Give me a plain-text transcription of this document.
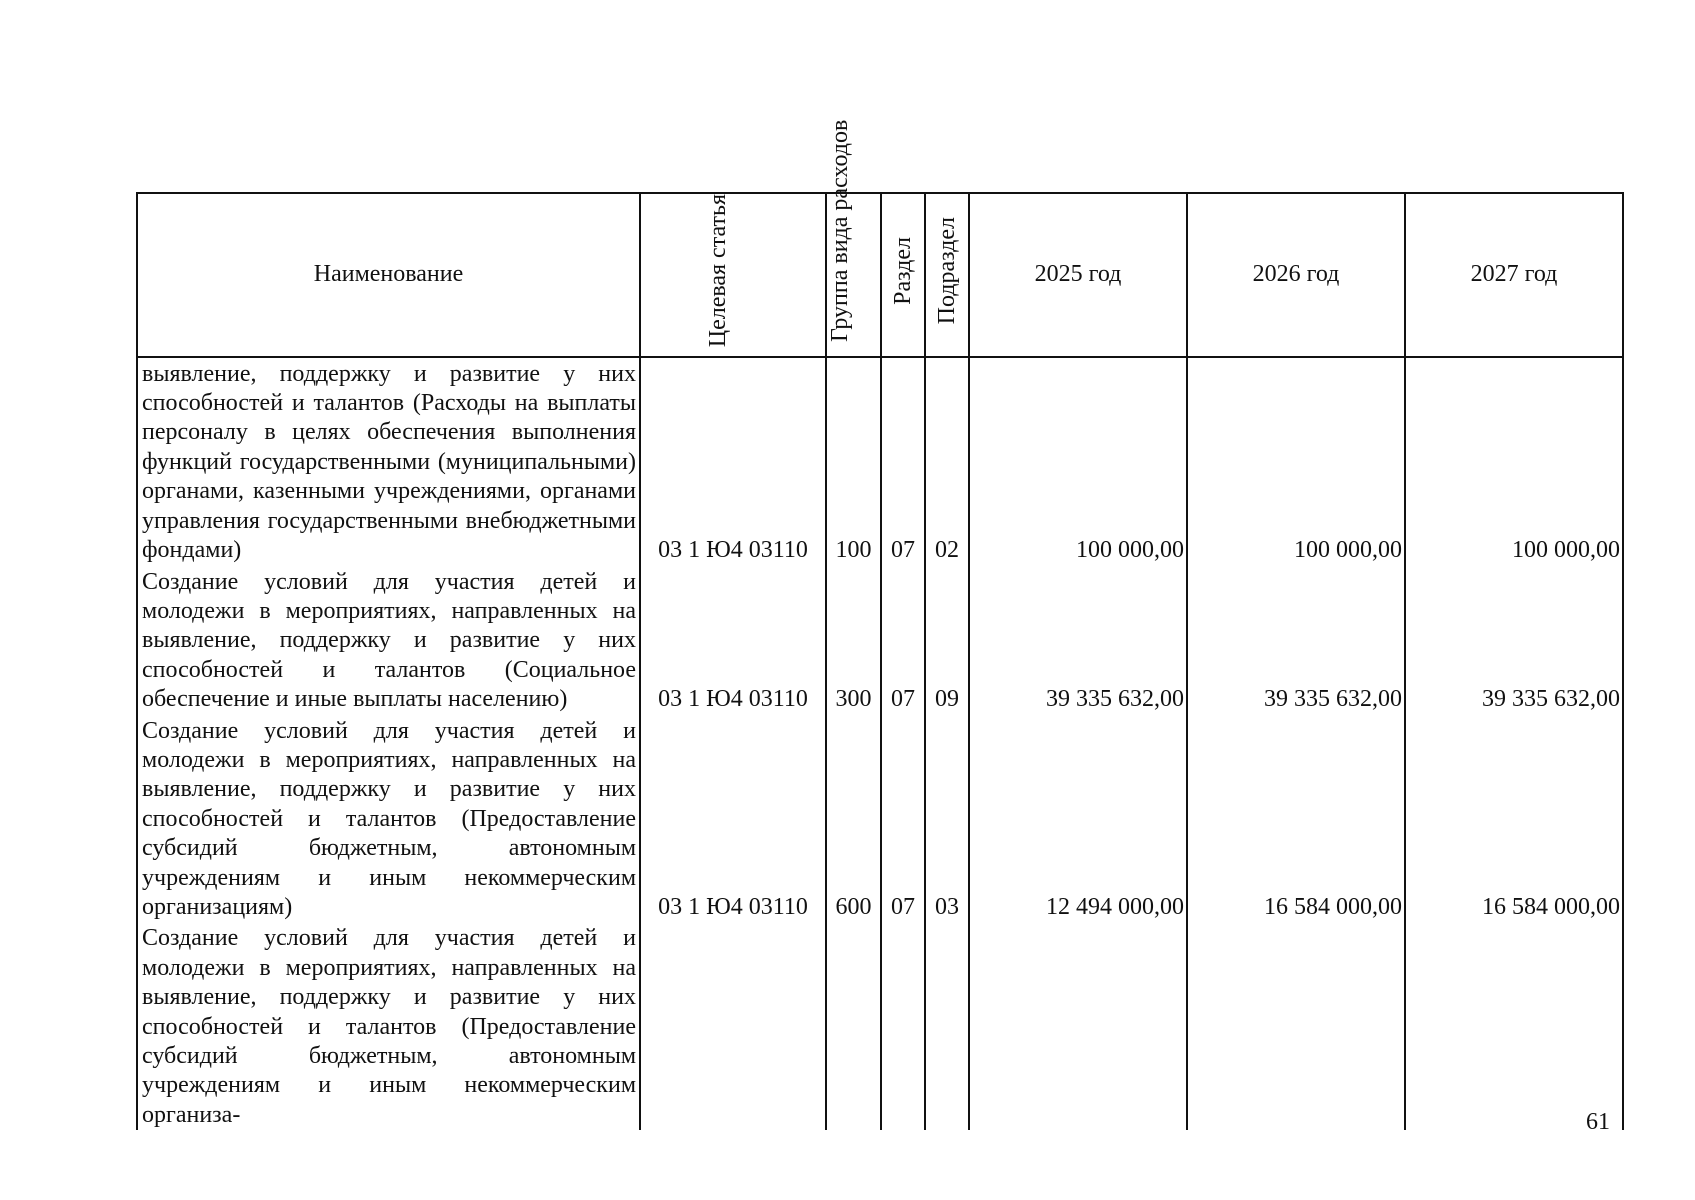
Наименование	Целевая статья	Группа вида расходов	Раздел	Подраздел	2025 год	2026 год	2027 год
выявление, поддержку и развитие у них способностей и талантов (Расходы на выплаты персоналу в целях обеспечения выполнения функций государственными (муниципальными) органами, казенными учреждениями, органами управления государственными внебюджетными фондами)	03 1 Ю4 03110	100	07	02	100 000,00	100 000,00	100 000,00
Создание условий для участия детей и молодежи в мероприятиях, направленных на выявление, поддержку и развитие у них способностей и талантов (Социальное обеспечение и иные выплаты населению)	03 1 Ю4 03110	300	07	09	39 335 632,00	39 335 632,00	39 335 632,00
Создание условий для участия детей и молодежи в мероприятиях, направленных на выявление, поддержку и развитие у них способностей и талантов (Предоставление субсидий бюджетным, автономным учреждениям и иным некоммерческим организациям)	03 1 Ю4 03110	600	07	03	12 494 000,00	16 584 000,00	16 584 000,00
Создание условий для участия детей и молодежи в мероприятиях, направленных на выявление, поддержку и развитие у них способностей и талантов (Предоставление субсидий бюджетным, автономным учреждениям и иным некоммерческим организа-								61
